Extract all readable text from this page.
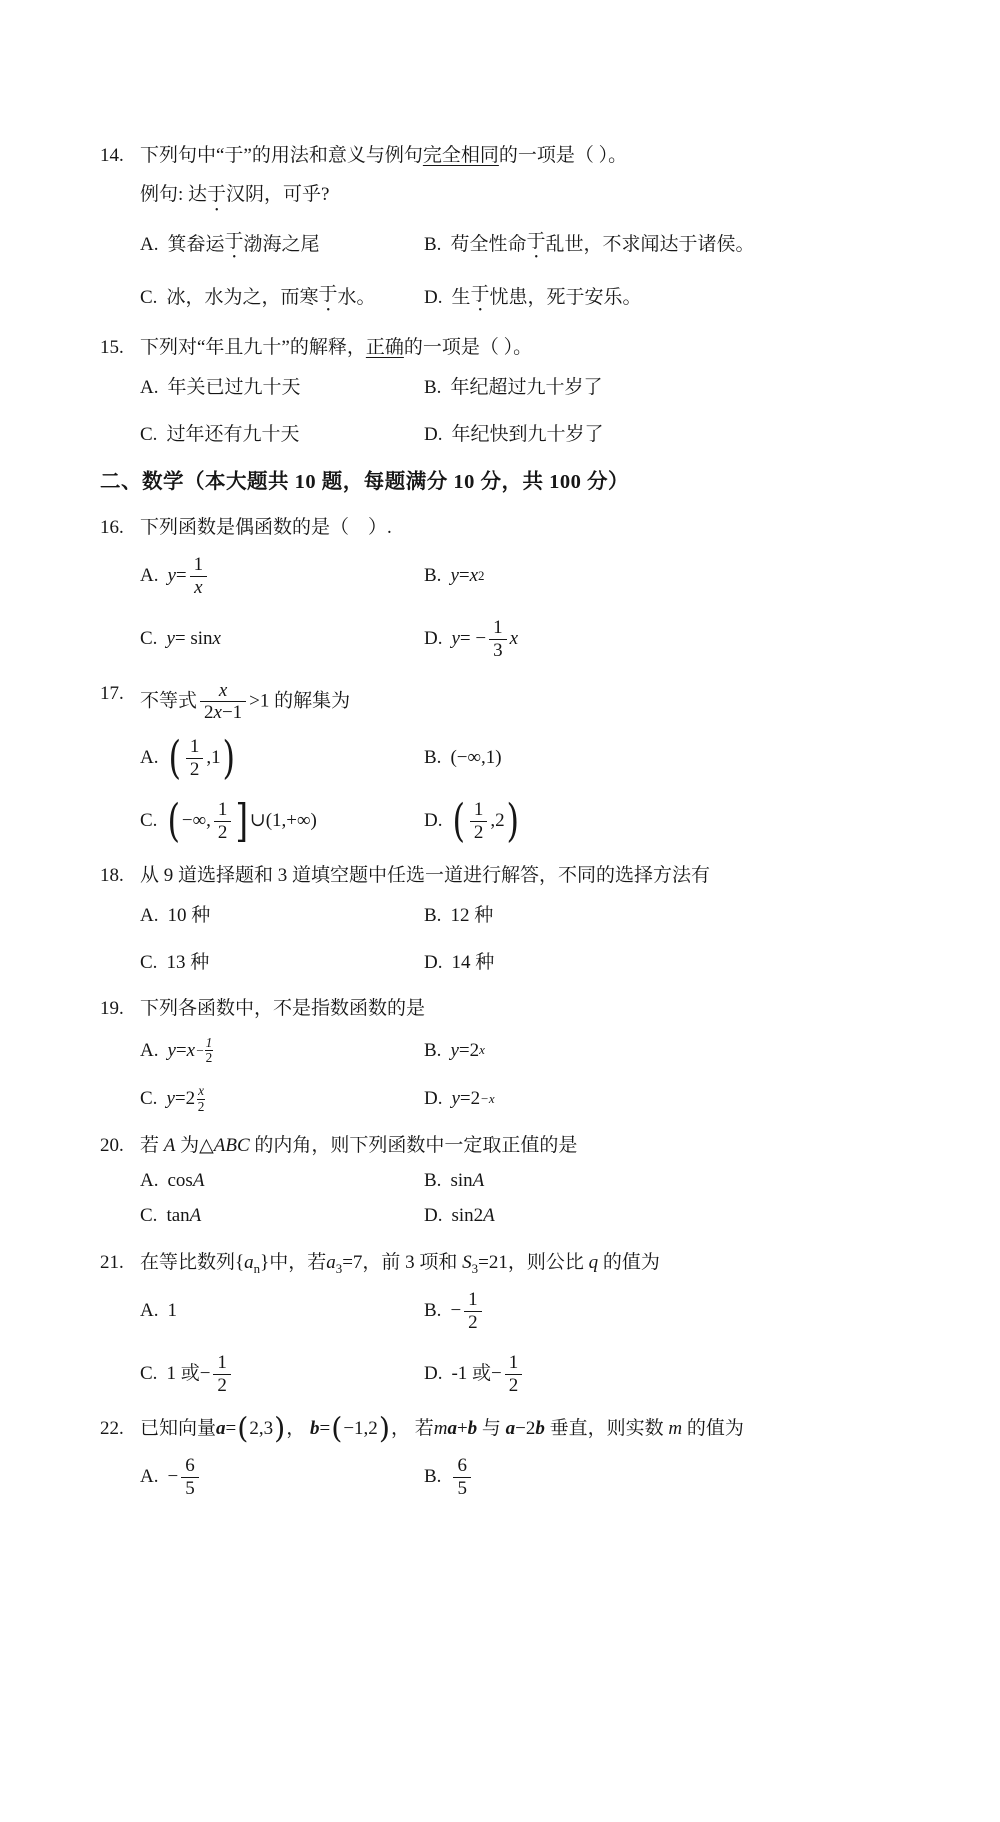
14. 下列句中“于”的用法和意义与例句完全相同的一项是（ ）。
例句: 达于汉阴，可乎?
A. 箕畚运 于 渤海之尾	B. 苟全性命 于 乱世，不求闻达于诸侯。
C. 冰，水为之，而寒 于 水。	D. 生 于 忧患，死于安乐。
15. 下列对“年且九十”的解释，正确的一项是（ ）。
A. 年关已过九十天	B. 年纪超过九十岁了
C. 过年还有九十天	D. 年纪快到九十岁了
二、数学（本大题共 10 题，每题满分 10 分，共 100 分）
16. 下列函数是偶函数的是（　）.
A. $y = \frac{1}{x}$	B. y = x 2
C. y = sin x	D. y = − $\frac{1}{3}$ x
17. 不等式 $\frac{x}{2x-1} >1$ 的解集为
A. ( $\frac{1}{2} ,1$ )	B. (−∞,1)
C. ( −∞, $\frac{1}{2}$ ] ∪(1,+∞)	D. ( $\frac{1}{2} ,2$ )
18. 从 9 道选择题和 3 道填空题中任选一道进行解答，不同的选择方法有
A. 10 种	B. 12 种
C. 13 种	D. 14 种
19. 下列各函数中，不是指数函数的是
A. $y = x - \frac{1}{2}$	B. y = 2 x
C. $y = 2 \frac{x}{2}$	D. y = 2 −x
20. 若 A 为△ABC 的内角，则下列函数中一定取正值的是
A. cos A	B. sin A
C. tan A	D. sin2 A
21. 在等比数列$\{a_n\}$中，若$a_3=7$，前 3 项和 $S_3=21$，则公比 q 的值为
A. 1	B. − $\frac{1}{2}$
C. 1 或− $\frac{1}{2}$	D. -1 或− $\frac{1}{2}$
22. 已知向量a=(2,3)， b=(−1,2)， 若ma+b 与 a−2b 垂直，则实数 m 的值为
A. − $\frac{6}{5}$	B. $\frac{6}{5}$
